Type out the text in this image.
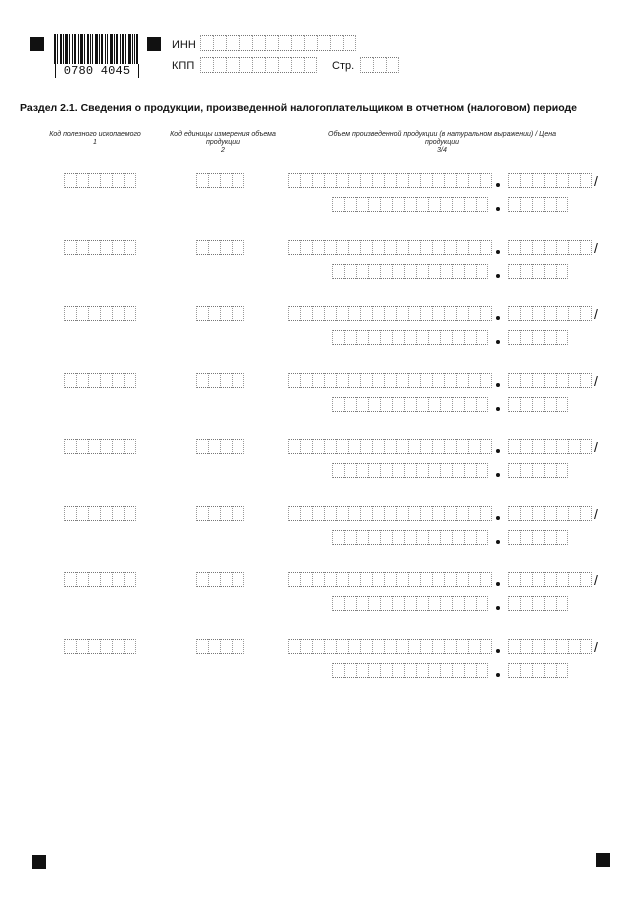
0780 4045
ИНН
КПП	Стр.
Раздел 2.1. Сведения о продукции, произведенной налогоплательщиком в отчетном (налоговом) периоде
Код полезного ископаемого
1
Код единицы измерения объема продукции
2
Объем произведенной продукции (в натуральном выражении) / Цена продукции
3/4
/
/
/
/
/
/
/
/
